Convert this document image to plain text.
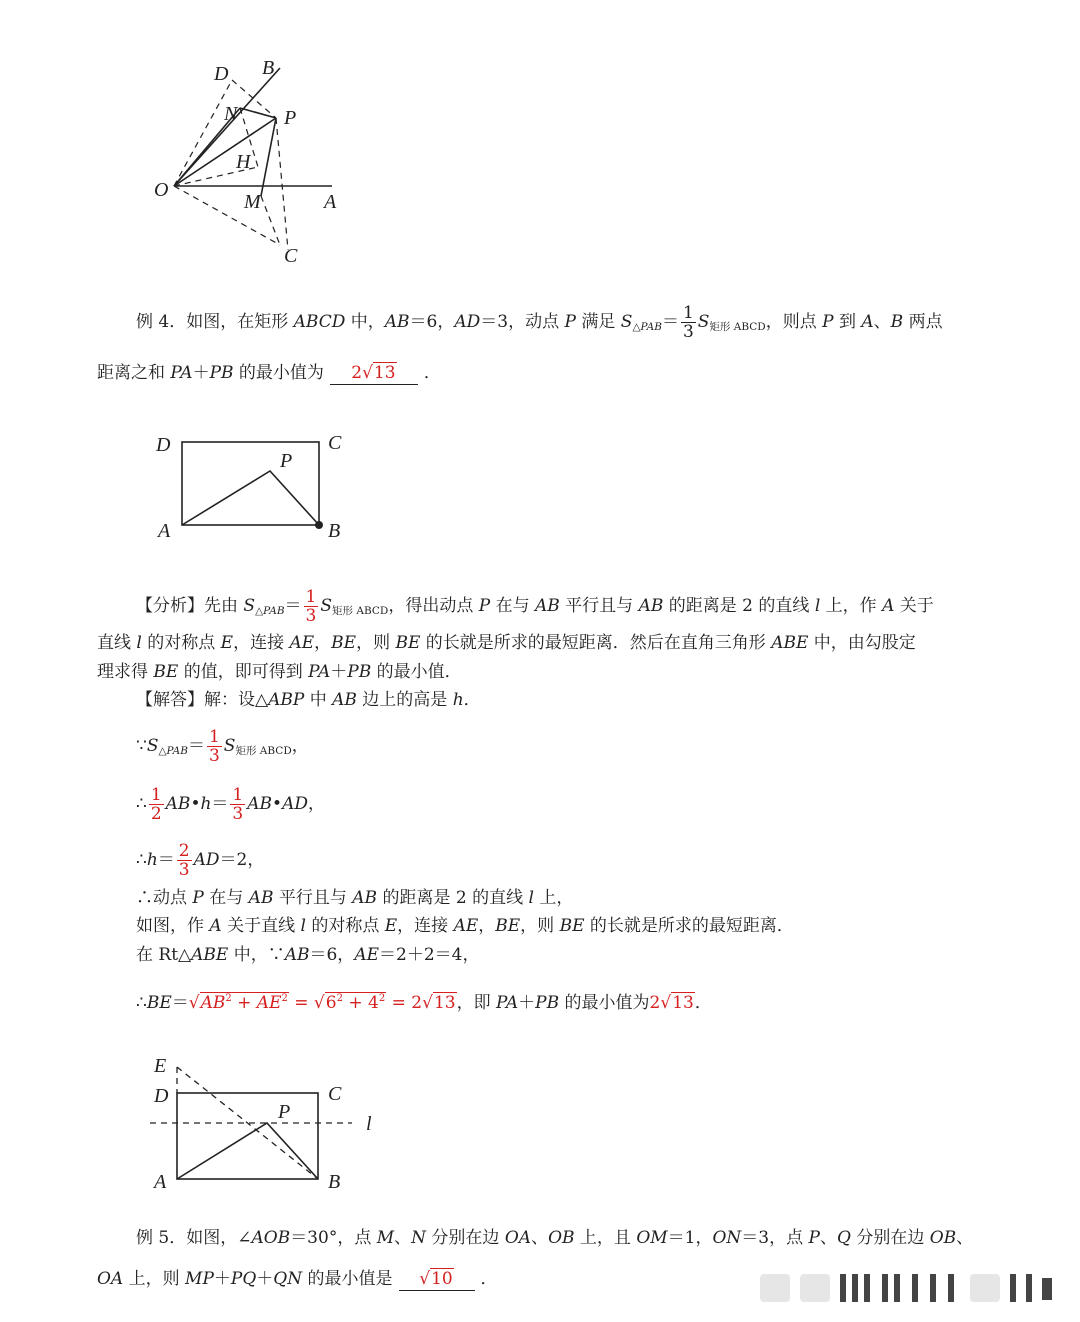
D B
N P
H
O
M	A
C
例 4．如图，在矩形 ABCD 中，AB＝6，AD＝3，动点 P 满足 $S_{\triangle PAB}= \frac{1}{3} S_{矩形 ABCD}$，则点 P 到 A、B 两点
距离之和 PA＋PB 的最小值为 2√13 ．
D	C
P
A	B
【分析】先由 $S_{\triangle PAB}= \frac{1}{3} S_{矩形 ABCD}$，得出动点 P 在与 AB 平行且与 AB 的距离是 2 的直线 l 上，作 A 关于
直线 l 的对称点 E，连接 AE，BE，则 BE 的长就是所求的最短距离．然后在直角三角形 ABE 中，由勾股定
理求得 BE 的值，即可得到 PA＋PB 的最小值．
【解答】解：设△ABP 中 AB 边上的高是 h．
$\because S_{\triangle PAB}= \frac{1}{3} S_{矩形 ABCD}$，
∴ $\frac{1}{2}$ AB•h＝ $\frac{1}{3}$ AB•AD，
∴h＝ $\frac{2}{3} AD=2$，
∴动点 P 在与 AB 平行且与 AB 的距离是 2 的直线 l 上，
如图，作 A 关于直线 l 的对称点 E，连接 AE，BE，则 BE 的长就是所求的最短距离．
在 Rt△ABE 中，∵AB＝6，AE＝2＋2＝4，
$\therefore BE=√AB^2 + AE^2 = √6^2 + 4^2 = 2√13$，即 PA＋PB 的最小值为2√13．
E
D	C
P
l
A	B
例 5．如图，∠AOB＝30°，点 M、N 分别在边 OA、OB 上，且 OM＝1，ON＝3，点 P、Q 分别在边 OB、
OA 上，则 MP＋PQ＋QN 的最小值是 √10 ．
